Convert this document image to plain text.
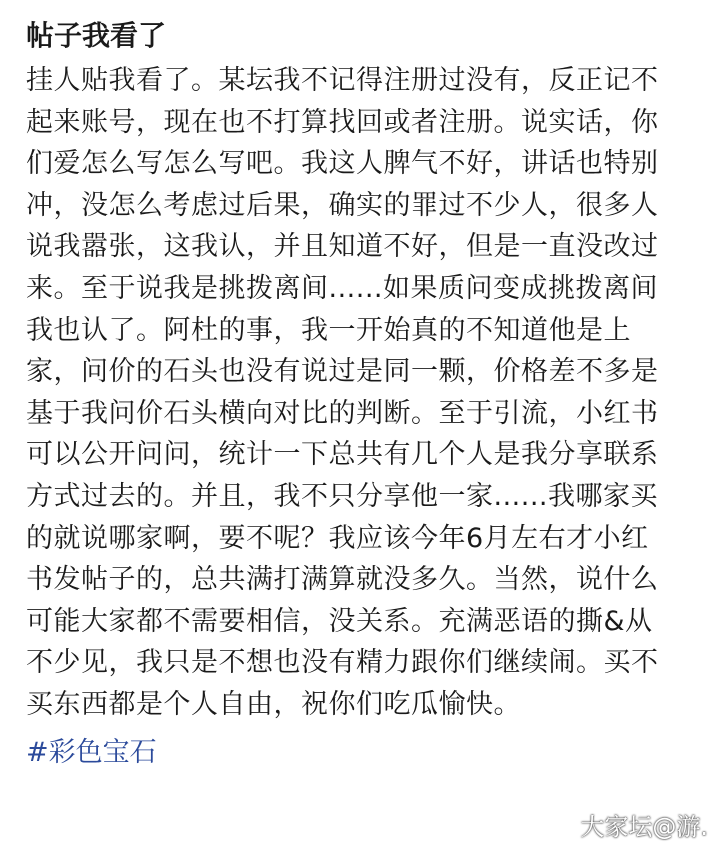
帖子我看了
挂人贴我看了。某坛我不记得注册过没有，反正记不
起来账号，现在也不打算找回或者注册。说实话，你
们爱怎么写怎么写吧。我这人脾气不好，讲话也特别
冲，没怎么考虑过后果，确实的罪过不少人，很多人
说我嚣张，这我认，并且知道不好，但是一直没改过
来。至于说我是挑拨离间......如果质问变成挑拨离间
我也认了。阿杜的事，我一开始真的不知道他是上
家，问价的石头也没有说过是同一颗，价格差不多是
基于我问价石头横向对比的判断。至于引流，小红书
可以公开问问，统计一下总共有几个人是我分享联系
方式过去的。并且，我不只分享他一家......我哪家买
的就说哪家啊，要不呢？我应该今年6月左右才小红
书发帖子的，总共满打满算就没多久。当然，说什么
可能大家都不需要相信，没关系。充满恶语的撕&从
不少见，我只是不想也没有精力跟你们继续闹。买不
买东西都是个人自由，祝你们吃瓜愉快。
#彩色宝石
大家坛@游.
